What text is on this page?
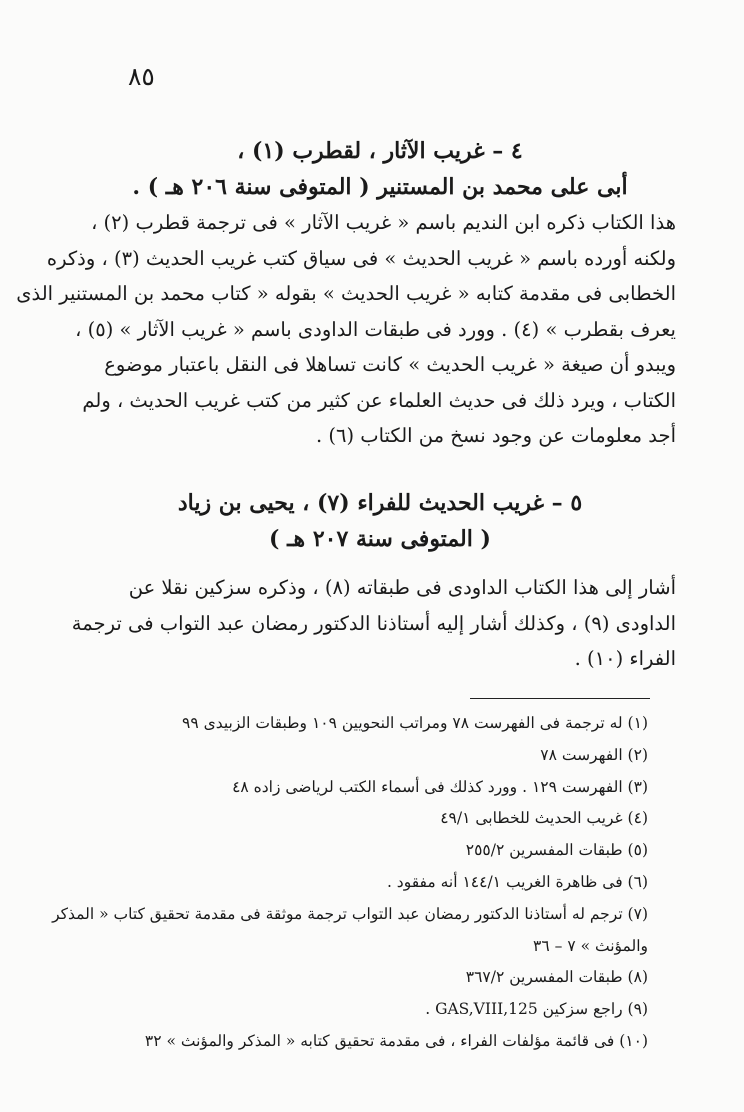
٨٥
٤ – غريب الآثار ، لقطرب (١) ،
أبى على محمد بن المستنير ( المتوفى سنة ٢٠٦ هـ ) .
هذا الكتاب ذكره ابن النديم باسم « غريب الآثار » فى ترجمة قطرب (٢) ،
ولكنه أورده باسم « غريب الحديث » فى سياق كتب غريب الحديث (٣) ، وذكره
الخطابى فى مقدمة كتابه « غريب الحديث » بقوله « كتاب محمد بن المستنير الذى
يعرف بقطرب » (٤) . وورد فى طبقات الداودى باسم « غريب الآثار » (٥) ،
ويبدو أن صيغة « غريب الحديث » كانت تساهلا فى النقل باعتبار موضوع
الكتاب ، ويرد ذلك فى حديث العلماء عن كثير من كتب غريب الحديث ، ولم
أجد معلومات عن وجود نسخ من الكتاب (٦) .
٥ – غريب الحديث للفراء (٧) ، يحيى بن زياد
( المتوفى سنة ٢٠٧ هـ )
أشار إلى هذا الكتاب الداودى فى طبقاته (٨) ، وذكره سزكين نقلا عن
الداودى (٩) ، وكذلك أشار إليه أستاذنا الدكتور رمضان عبد التواب فى ترجمة
الفراء (١٠) .
(١) له ترجمة فى الفهرست ٧٨ ومراتب النحويين ١٠٩ وطبقات الزبيدى ٩٩
(٢) الفهرست ٧٨
(٣) الفهرست ١٢٩ . وورد كذلك فى أسماء الكتب لرياضى زاده ٤٨
(٤) غريب الحديث للخطابى ٤٩/١
(٥) طبقات المفسرين ٢٥٥/٢
(٦) فى ظاهرة الغريب ١٤٤/١ أنه مفقود .
(٧) ترجم له أستاذنا الدكتور رمضان عبد التواب ترجمة موثقة فى مقدمة تحقيق كتاب « المذكر
والمؤنث » ٧ – ٣٦
(٨) طبقات المفسرين ٣٦٧/٢
(٩) راجع سزكين GAS,VIII,125 .
(١٠) فى قائمة مؤلفات الفراء ، فى مقدمة تحقيق كتابه « المذكر والمؤنث » ٣٢
